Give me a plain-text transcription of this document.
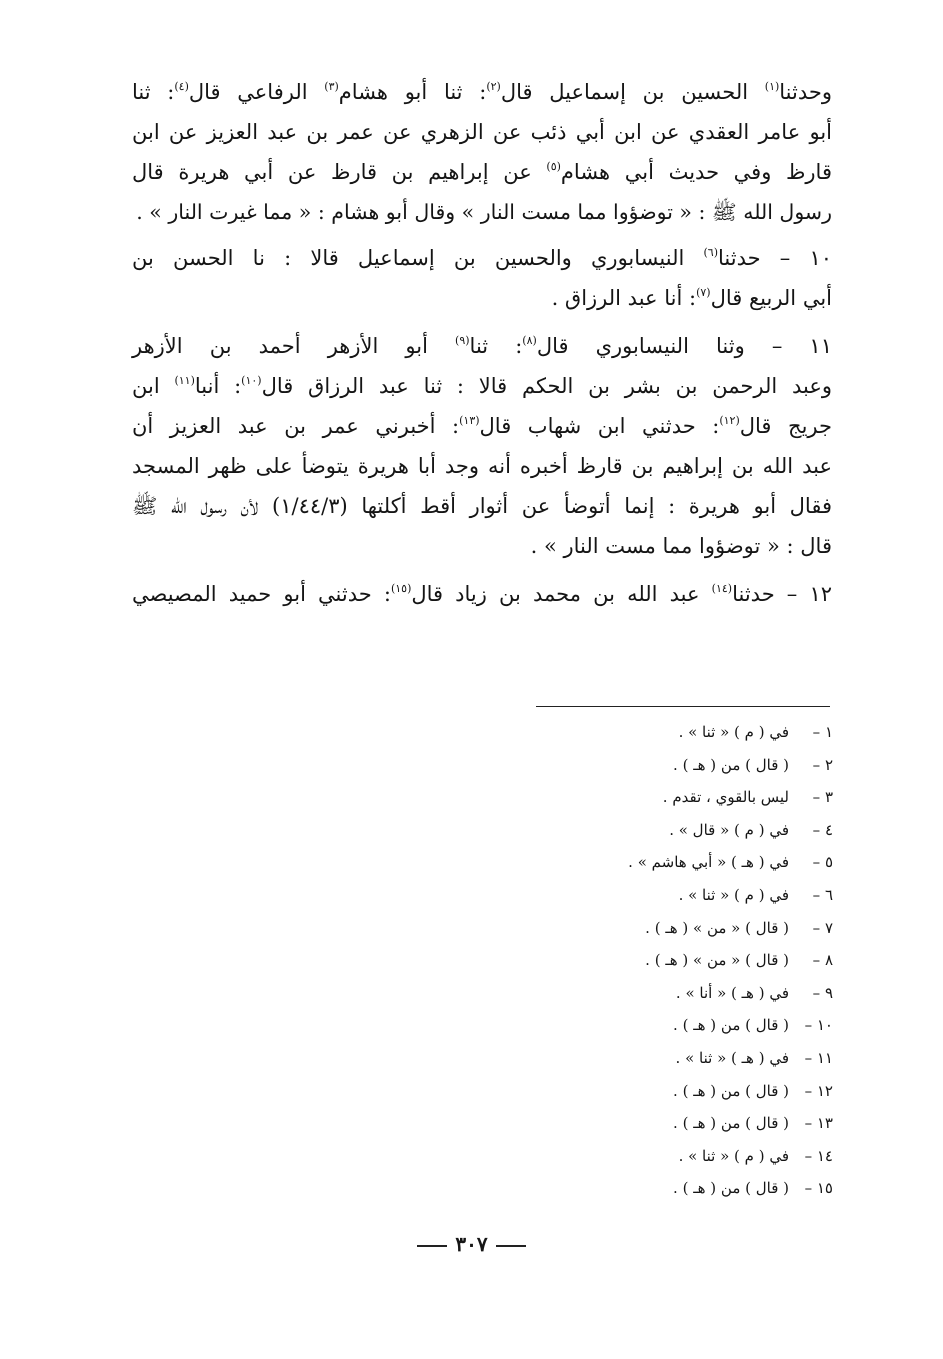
وحدثنا$^{(١)}$ الحسين بن إسماعيل قال$^{(٢)}$: ثنا أبو هشام$^{(٣)}$ الرفاعي قال$^{(٤)}$: ثنا
أبو عامر العقدي عن ابن أبي ذئب عن الزهري عن عمر بن عبد العزيز عن ابن
قارظ وفي حديث أبي هشام$^{(٥)}$ عن إبراهيم بن قارظ عن أبي هريرة قال
رسول الله ﷺ : « توضؤوا مما مست النار » وقال أبو هشام : « مما غيرت النار » .

١٠ – حدثنا$^{(٦)}$ النيسابوري والحسين بن إسماعيل قالا : نا الحسن بن
أبي الربيع قال$^{(٧)}$: أنا عبد الرزاق .

١١ – وثنا النيسابوري قال$^{(٨)}$: ثنا$^{(٩)}$ أبو الأزهر أحمد بن الأزهر
وعبد الرحمن بن بشر بن الحكم قالا : ثنا عبد الرزاق قال$^{(١٠)}$: أنبا$^{(١١)}$ ابن
جريج قال$^{(١٢)}$: حدثني ابن شهاب قال$^{(١٣)}$: أخبرني عمر بن عبد العزيز أن
عبد الله بن إبراهيم بن قارظ أخبره أنه وجد أبا هريرة يتوضأ على ظهر المسجد
فقال أبو هريرة : إنما أتوضأ عن أثوار أقط أكلتها (١/٤٤/٣) لأن رسول الله ﷺ
قال : « توضؤوا مما مست النار » .

١٢ – حدثنا$^{(١٤)}$ عبد الله بن محمد بن زياد قال$^{(١٥)}$: حدثني أبو حميد المصيصي

١ –في ( م ) « ثنا » .
٢ –( قال ) من ( هـ ) .
٣ –ليس بالقوي ، تقدم .
٤ –في ( م ) « قال » .
٥ –في ( هـ ) « أبي هاشم » .
٦ –في ( م ) « ثنا » .
٧ –( قال ) « من » ( هـ ) .
٨ –( قال ) « من » ( هـ ) .
٩ –في ( هـ ) « أنا » .
١٠ –( قال ) من ( هـ ) .
١١ –في ( هـ ) « ثنا » .
١٢ –( قال ) من ( هـ ) .
١٣ –( قال ) من ( هـ ) .
١٤ –في ( م ) « ثنا » .
١٥ –( قال ) من ( هـ ) .
٣٠٧
